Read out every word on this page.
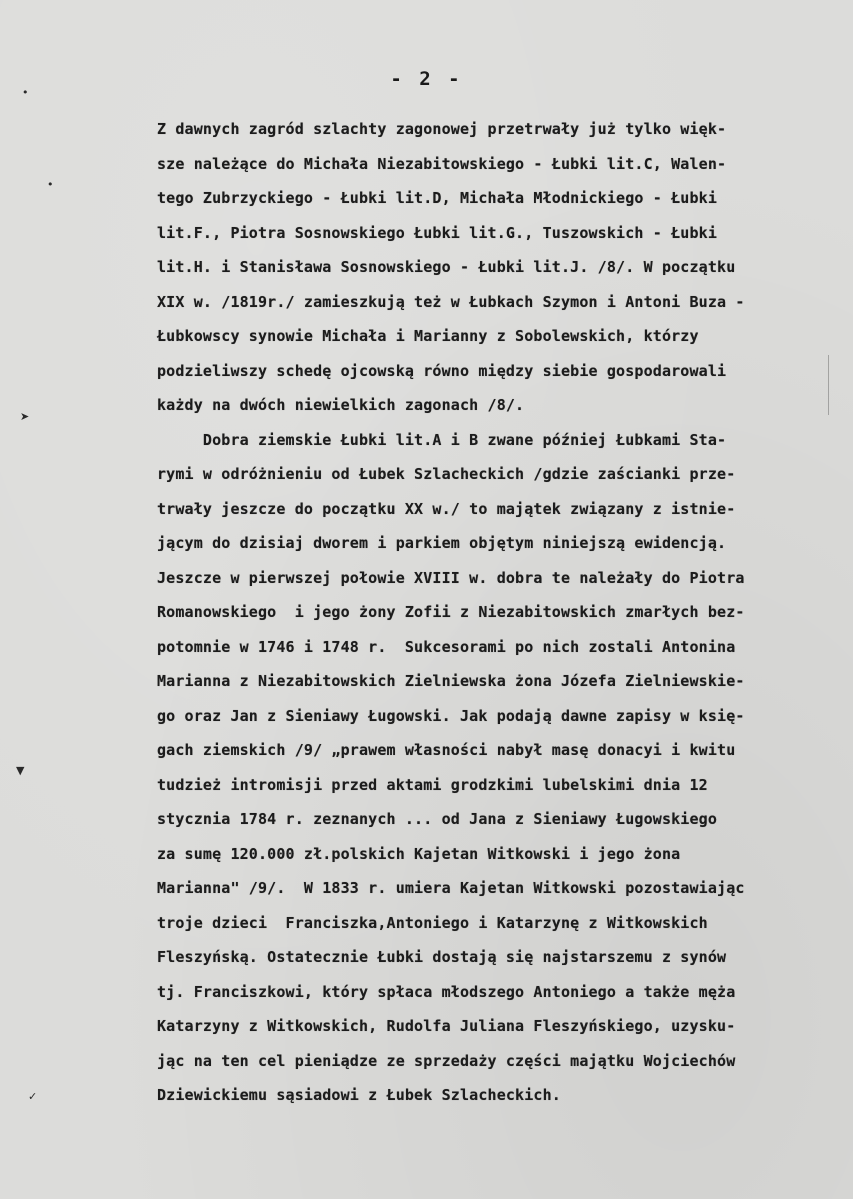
- 2 -
Z dawnych zagród szlachty zagonowej przetrwały już tylko więk-
sze należące do Michała Niezabitowskiego - Łubki lit.C, Walen-
tego Zubrzyckiego - Łubki lit.D, Michała Młodnickiego - Łubki
lit.F., Piotra Sosnowskiego Łubki lit.G., Tuszowskich - Łubki
lit.H. i Stanisława Sosnowskiego - Łubki lit.J. /8/. W początku
XIX w. /1819r./ zamieszkują też w Łubkach Szymon i Antoni Buza -
Łubkowscy synowie Michała i Marianny z Sobolewskich, którzy
podzieliwszy schedę ojcowską równo między siebie gospodarowali
każdy na dwóch niewielkich zagonach /8/.
Dobra ziemskie Łubki lit.A i B zwane później Łubkami Sta-
rymi w odróżnieniu od Łubek Szlacheckich /gdzie zaścianki prze-
trwały jeszcze do początku XX w./ to majątek związany z istnie-
jącym do dzisiaj dworem i parkiem objętym niniejszą ewidencją.
Jeszcze w pierwszej połowie XVIII w. dobra te należały do Piotra
Romanowskiego  i jego żony Zofii z Niezabitowskich zmarłych bez-
potomnie w 1746 i 1748 r.  Sukcesorami po nich zostali Antonina
Marianna z Niezabitowskich Zielniewska żona Józefa Zielniewskie-
go oraz Jan z Sieniawy Ługowski. Jak podają dawne zapisy w księ-
gach ziemskich /9/ „prawem własności nabył masę donacyi i kwitu
tudzież intromisji przed aktami grodzkimi lubelskimi dnia 12
stycznia 1784 r. zeznanych ... od Jana z Sieniawy Ługowskiego
za sumę 120.000 zł.polskich Kajetan Witkowski i jego żona
Marianna" /9/.  W 1833 r. umiera Kajetan Witkowski pozostawiając
troje dzieci  Franciszka,Antoniego i Katarzynę z Witkowskich
Fleszyńską. Ostatecznie Łubki dostają się najstarszemu z synów
tj. Franciszkowi, który spłaca młodszego Antoniego a także męża
Katarzyny z Witkowskich, Rudolfa Juliana Fleszyńskiego, uzysku-
jąc na ten cel pieniądze ze sprzedaży części majątku Wojciechów
Dziewickiemu sąsiadowi z Łubek Szlacheckich.
•
•
➤
▼
✓
